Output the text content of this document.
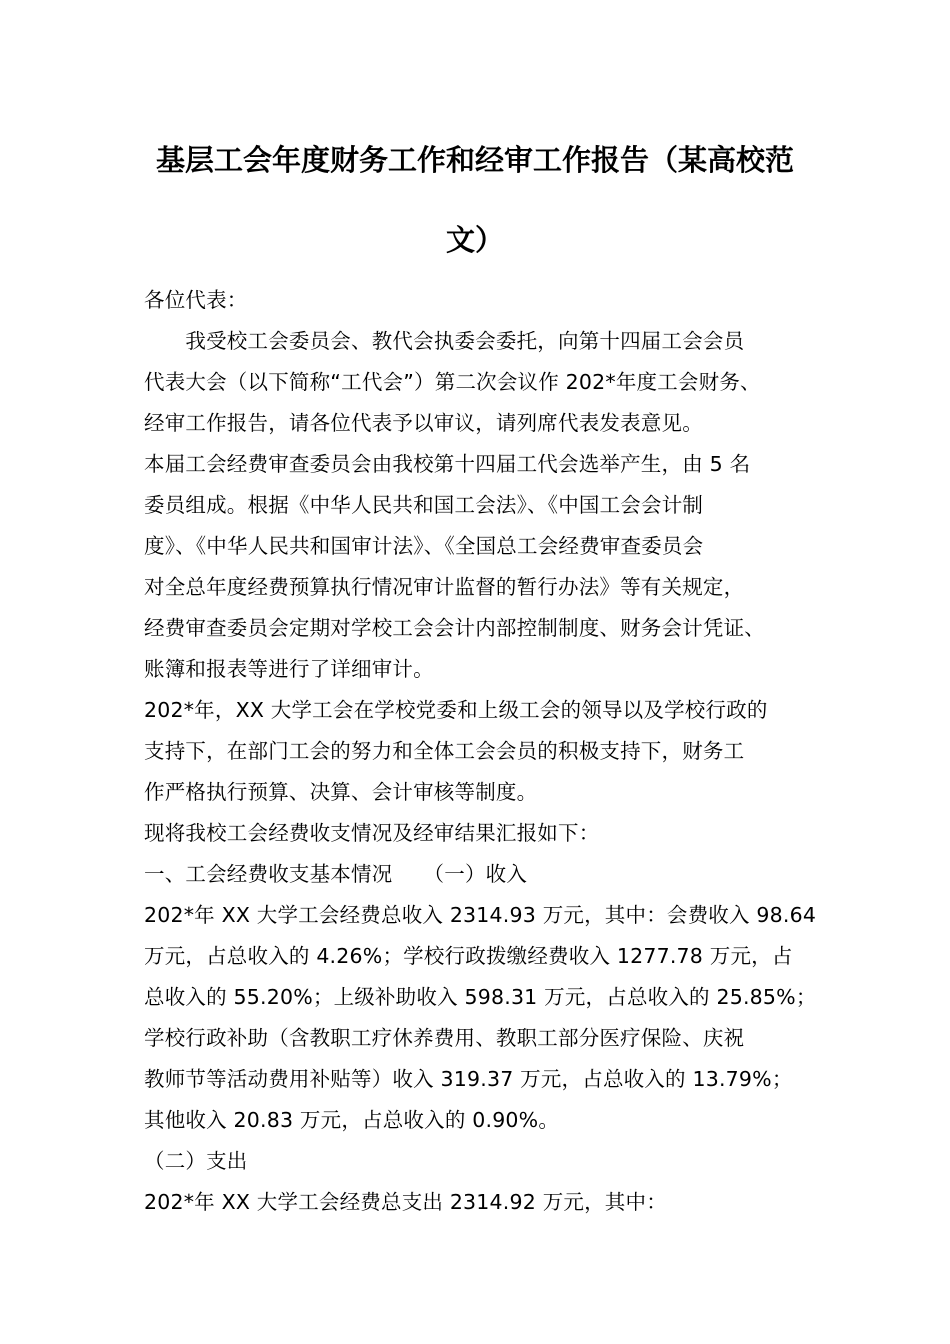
基层工会年度财务工作和经审工作报告（某高校范
文）
各位代表：
　　我受校工会委员会、教代会执委会委托，向第十四届工会会员
代表大会（以下简称“工代会”）第二次会议作 202*年度工会财务、
经审工作报告，请各位代表予以审议，请列席代表发表意见。
本届工会经费审查委员会由我校第十四届工代会选举产生，由 5 名
委员组成。根据《中华人民共和国工会法》、《中国工会会计制
度》、《中华人民共和国审计法》、《全国总工会经费审查委员会
对全总年度经费预算执行情况审计监督的暂行办法》等有关规定，
经费审查委员会定期对学校工会会计内部控制制度、财务会计凭证、
账簿和报表等进行了详细审计。
202*年，XX 大学工会在学校党委和上级工会的领导以及学校行政的
支持下，在部门工会的努力和全体工会会员的积极支持下，财务工
作严格执行预算、决算、会计审核等制度。
现将我校工会经费收支情况及经审结果汇报如下：
一、工会经费收支基本情况　　（一）收入
202*年 XX 大学工会经费总收入 2314.93 万元，其中：会费收入 98.64
万元，占总收入的 4.26%；学校行政拨缴经费收入 1277.78 万元，占
总收入的 55.20%；上级补助收入 598.31 万元，占总收入的 25.85%；
学校行政补助（含教职工疗休养费用、教职工部分医疗保险、庆祝
教师节等活动费用补贴等）收入 319.37 万元，占总收入的 13.79%；
其他收入 20.83 万元，占总收入的 0.90%。
（二）支出
202*年 XX 大学工会经费总支出 2314.92 万元，其中：
